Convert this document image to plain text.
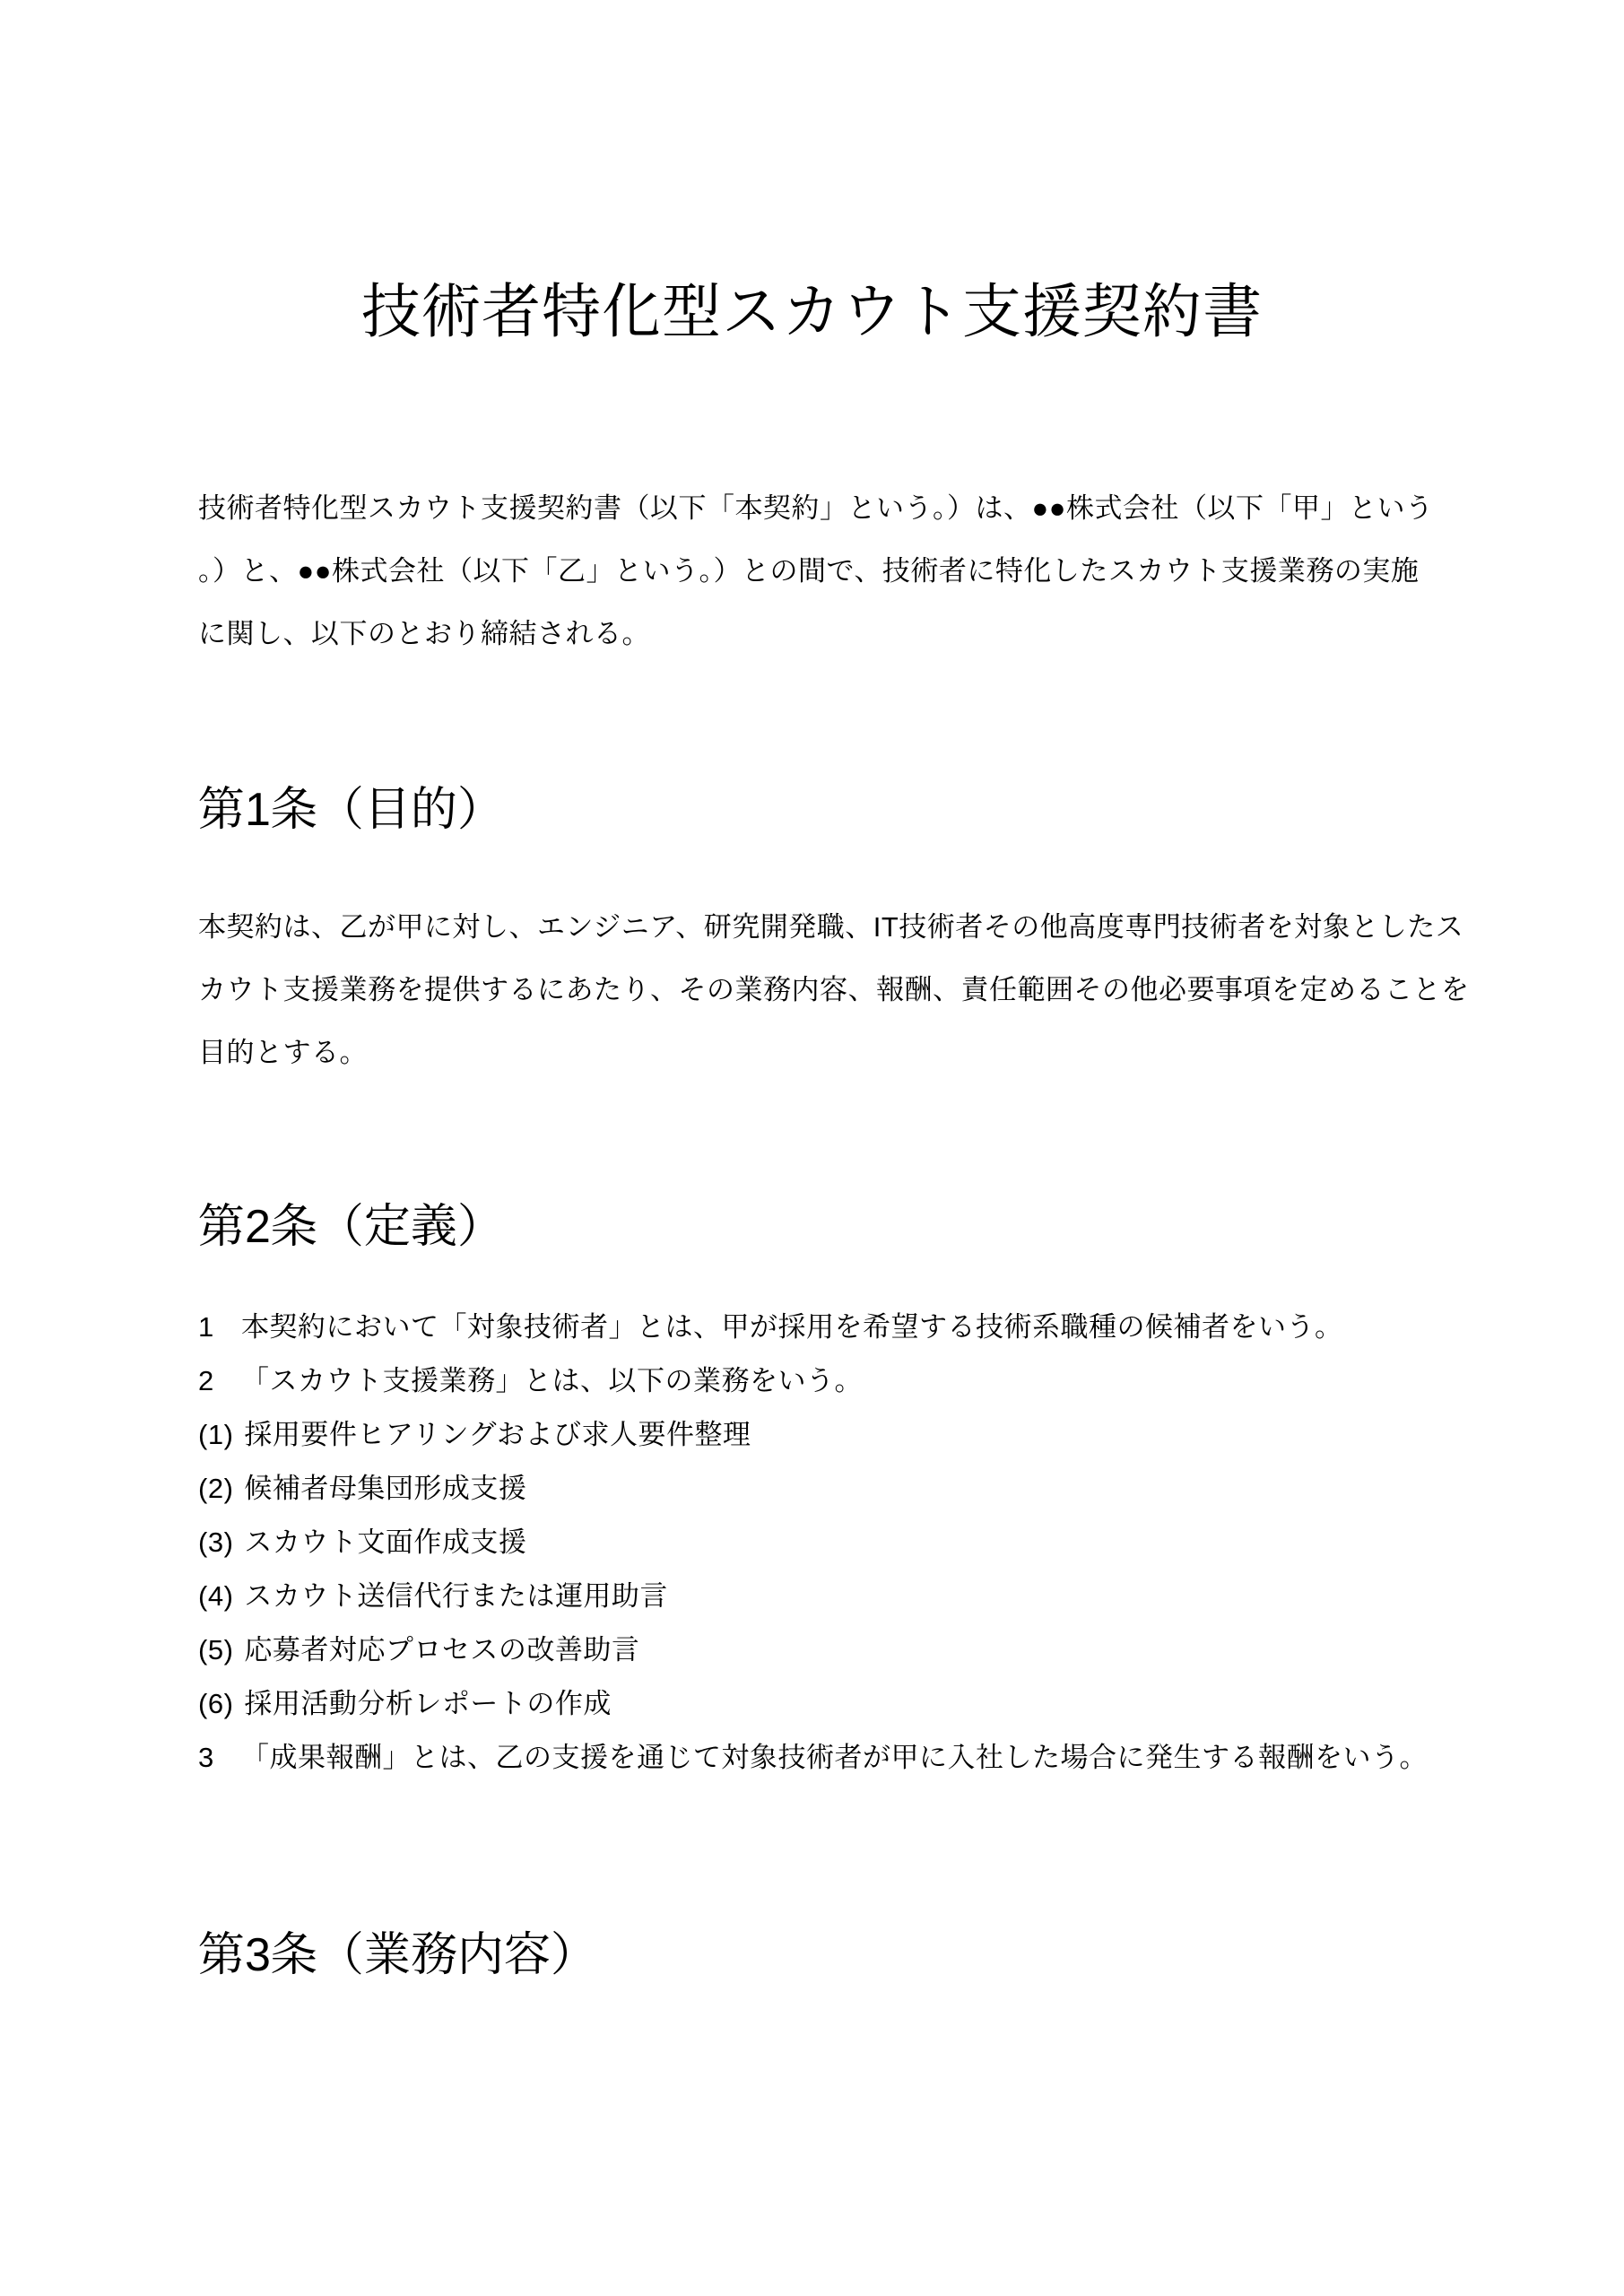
技術者特化型スカウト支援契約書
技術者特化型スカウト支援契約書（以下「本契約」という。）は、●●株式会社（以下「甲」という
。）と、●●株式会社（以下「乙」という。）との間で、技術者に特化したスカウト支援業務の実施
に関し、以下のとおり締結される。
第1条（目的）
本契約は、乙が甲に対し、エンジニア、研究開発職、IT技術者その他高度専門技術者を対象としたス
カウト支援業務を提供するにあたり、その業務内容、報酬、責任範囲その他必要事項を定めることを
目的とする。
第2条（定義）
1 本契約において「対象技術者」とは、甲が採用を希望する技術系職種の候補者をいう。
2 「スカウト支援業務」とは、以下の業務をいう。
(1) 採用要件ヒアリングおよび求人要件整理
(2) 候補者母集団形成支援
(3) スカウト文面作成支援
(4) スカウト送信代行または運用助言
(5) 応募者対応プロセスの改善助言
(6) 採用活動分析レポートの作成
3 「成果報酬」とは、乙の支援を通じて対象技術者が甲に入社した場合に発生する報酬をいう。
第3条（業務内容）
